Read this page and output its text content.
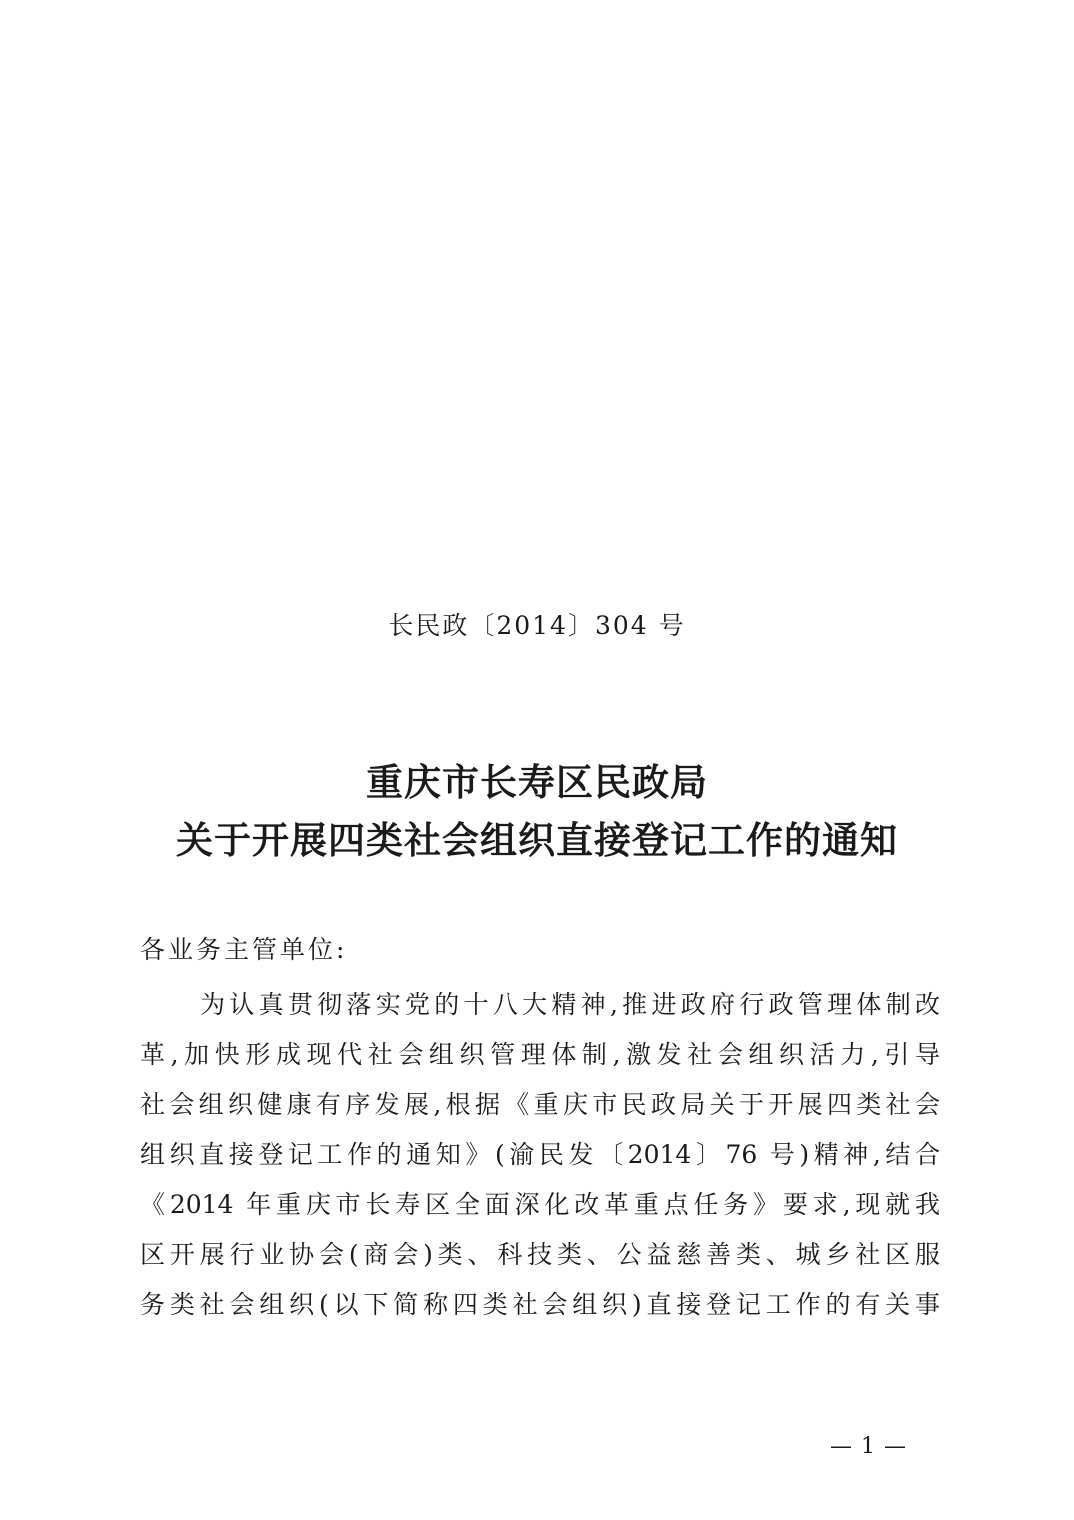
长民政〔2014〕304 号
重庆市长寿区民政局
关于开展四类社会组织直接登记工作的通知
各业务主管单位:
为认真贯彻落实党的十八大精神,推进政府行政管理体制改
革,加快形成现代社会组织管理体制,激发社会组织活力,引导
社会组织健康有序发展,根据《重庆市民政局关于开展四类社会
组织直接登记工作的通知》(渝民发〔2014〕76 号)精神,结合
《2014 年重庆市长寿区全面深化改革重点任务》要求,现就我
区开展行业协会(商会)类、科技类、公益慈善类、城乡社区服
务类社会组织(以下简称四类社会组织)直接登记工作的有关事
— 1 —
